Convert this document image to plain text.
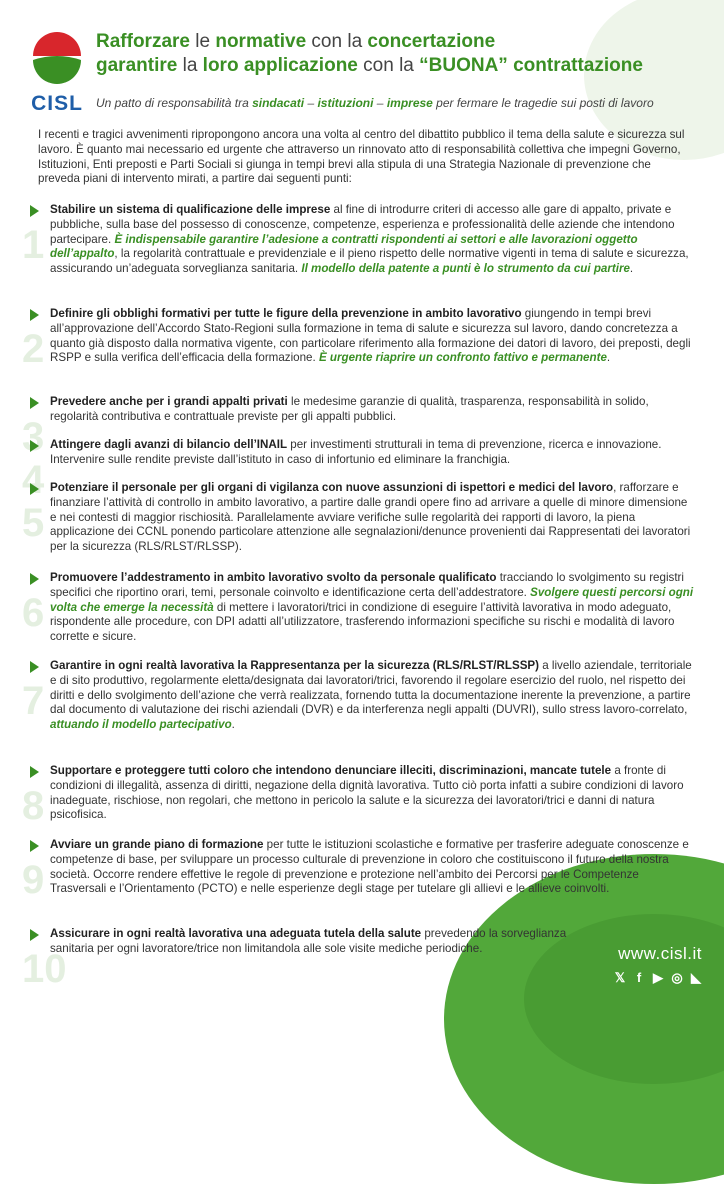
CISL
Rafforzare le normative con la concertazione
garantire la loro applicazione con la “BUONA” contrattazione
Un patto di responsabilità tra sindacati – istituzioni – imprese per fermare le tragedie sui posti di lavoro
I recenti e tragici avvenimenti ripropongono ancora una volta al centro del dibattito pubblico il tema della salute e sicurezza sul lavoro. È quanto mai necessario ed urgente che attraverso un rinnovato atto di responsabilità collettiva che impegni Governo, Istituzioni, Enti preposti e Parti Sociali si giunga in tempi brevi alla stipula di una Strategia Nazionale di prevenzione che preveda piani di intervento mirati, a partire dai seguenti punti:
1
Stabilire un sistema di qualificazione delle imprese al fine di introdurre criteri di accesso alle gare di appalto, private e pubbliche, sulla base del possesso di conoscenze, competenze, esperienza e professionalità delle aziende che intendono partecipare. È indispensabile garantire l’adesione a contratti rispondenti ai settori e alle lavorazioni oggetto dell’appalto, la regolarità contrattuale e previdenziale e il pieno rispetto delle normative vigenti in tema di salute e sicurezza, assicurando un’adeguata sorveglianza sanitaria. Il modello della patente a punti è lo strumento da cui partire.
2
Definire gli obblighi formativi per tutte le figure della prevenzione in ambito lavorativo giungendo in tempi brevi all’approvazione dell’Accordo Stato-Regioni sulla formazione in tema di salute e sicurezza sul lavoro, dando concretezza a quanto già disposto dalla normativa vigente, con particolare riferimento alla formazione dei datori di lavoro, dei preposti, degli RSPP e sulla verifica dell’efficacia della formazione. È urgente riaprire un confronto fattivo e permanente.
3
Prevedere anche per i grandi appalti privati le medesime garanzie di qualità, trasparenza, responsabilità in solido, regolarità contributiva e contrattuale previste per gli appalti pubblici.
4
Attingere dagli avanzi di bilancio dell’INAIL per investimenti strutturali in tema di prevenzione, ricerca e innovazione. Intervenire sulle rendite previste dall’istituto in caso di infortunio ed eliminare la franchigia.
5
Potenziare il personale per gli organi di vigilanza con nuove assunzioni di ispettori e medici del lavoro, rafforzare e finanziare l’attività di controllo in ambito lavorativo, a partire dalle grandi opere fino ad arrivare a quelle di minore dimensione e nei contesti di maggior rischiosità. Parallelamente avviare verifiche sulle regolarità dei rapporti di lavoro, la piena applicazione dei CCNL ponendo particolare attenzione alle segnalazioni/denunce provenienti dai Rappresentati dei lavoratori per la sicurezza (RLS/RLST/RLSSP).
6
Promuovere l’addestramento in ambito lavorativo svolto da personale qualificato tracciando lo svolgimento su registri specifici che riportino orari, temi, personale coinvolto e identificazione certa dell’addestratore. Svolgere questi percorsi ogni volta che emerge la necessità di mettere i lavoratori/trici in condizione di eseguire l’attività lavorativa in modo adeguato, rispondente alle procedure, con DPI adatti all’utilizzatore, trasferendo informazioni specifiche su rischi e modalità di lavoro corrette e sicure.
7
Garantire in ogni realtà lavorativa la Rappresentanza per la sicurezza (RLS/RLST/RLSSP) a livello aziendale, territoriale e di sito produttivo, regolarmente eletta/designata dai lavoratori/trici, favorendo il regolare esercizio del ruolo, nel rispetto dei diritti e dello svolgimento dell’azione che verrà realizzata, fornendo tutta la documentazione inerente la prevenzione, a partire dal documento di valutazione dei rischi aziendali (DVR) e da interferenza negli appalti (DUVRI), sullo stress lavoro-correlato, attuando il modello partecipativo.
8
Supportare e proteggere tutti coloro che intendono denunciare illeciti, discriminazioni, mancate tutele a fronte di condizioni di illegalità, assenza di diritti, negazione della dignità lavorativa. Tutto ciò porta infatti a subire condizioni di lavoro inadeguate, rischiose, non regolari, che mettono in pericolo la salute e la sicurezza dei lavoratori/trici e danni di natura psicofisica.
9
Avviare un grande piano di formazione per tutte le istituzioni scolastiche e formative per trasferire adeguate conoscenze e competenze di base, per sviluppare un processo culturale di prevenzione in coloro che costituiscono il futuro della nostra società. Occorre rendere effettive le regole di prevenzione e protezione nell’ambito dei Percorsi per le Competenze Trasversali e l’Orientamento (PCTO) e nelle esperienze degli stage per tutelare gli allievi e le allieve coinvolti.
10
Assicurare in ogni realtà lavorativa una adeguata tutela della salute prevedendo la sorveglianza sanitaria per ogni lavoratore/trice non limitandola alle sole visite mediche periodiche.	www.cisl.it
𝕏 f ▶ ◎ ◣
